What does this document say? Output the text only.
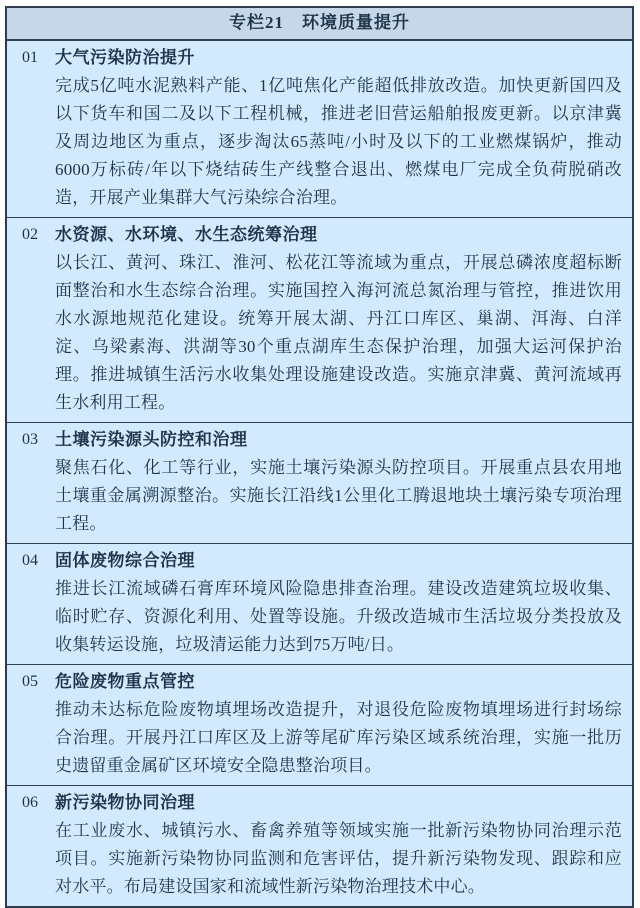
专栏21　环境质量提升
01 大气污染防治提升

完成5亿吨水泥熟料产能、1亿吨焦化产能超低排放改造。加快更新国四及以下货车和国二及以下工程机械，推进老旧营运船舶报废更新。以京津冀及周边地区为重点，逐步淘汰65蒸吨/小时及以下的工业燃煤锅炉，推动6000万标砖/年以下烧结砖生产线整合退出、燃煤电厂完成全负荷脱硝改造，开展产业集群大气污染综合治理。

02 水资源、水环境、水生态统筹治理

以长江、黄河、珠江、淮河、松花江等流域为重点，开展总磷浓度超标断面整治和水生态综合治理。实施国控入海河流总氮治理与管控，推进饮用水水源地规范化建设。统筹开展太湖、丹江口库区、巢湖、洱海、白洋淀、乌梁素海、洪湖等30个重点湖库生态保护治理，加强大运河保护治理。推进城镇生活污水收集处理设施建设改造。实施京津冀、黄河流域再生水利用工程。

03 土壤污染源头防控和治理

聚焦石化、化工等行业，实施土壤污染源头防控项目。开展重点县农用地土壤重金属溯源整治。实施长江沿线1公里化工腾退地块土壤污染专项治理工程。

04 固体废物综合治理

推进长江流域磷石膏库环境风险隐患排查治理。建设改造建筑垃圾收集、临时贮存、资源化利用、处置等设施。升级改造城市生活垃圾分类投放及收集转运设施，垃圾清运能力达到75万吨/日。

05 危险废物重点管控

推动未达标危险废物填埋场改造提升，对退役危险废物填埋场进行封场综合治理。开展丹江口库区及上游等尾矿库污染区域系统治理，实施一批历史遗留重金属矿区环境安全隐患整治项目。

06 新污染物协同治理

在工业废水、城镇污水、畜禽养殖等领域实施一批新污染物协同治理示范项目。实施新污染物协同监测和危害评估，提升新污染物发现、跟踪和应对水平。布局建设国家和流域性新污染物治理技术中心。
